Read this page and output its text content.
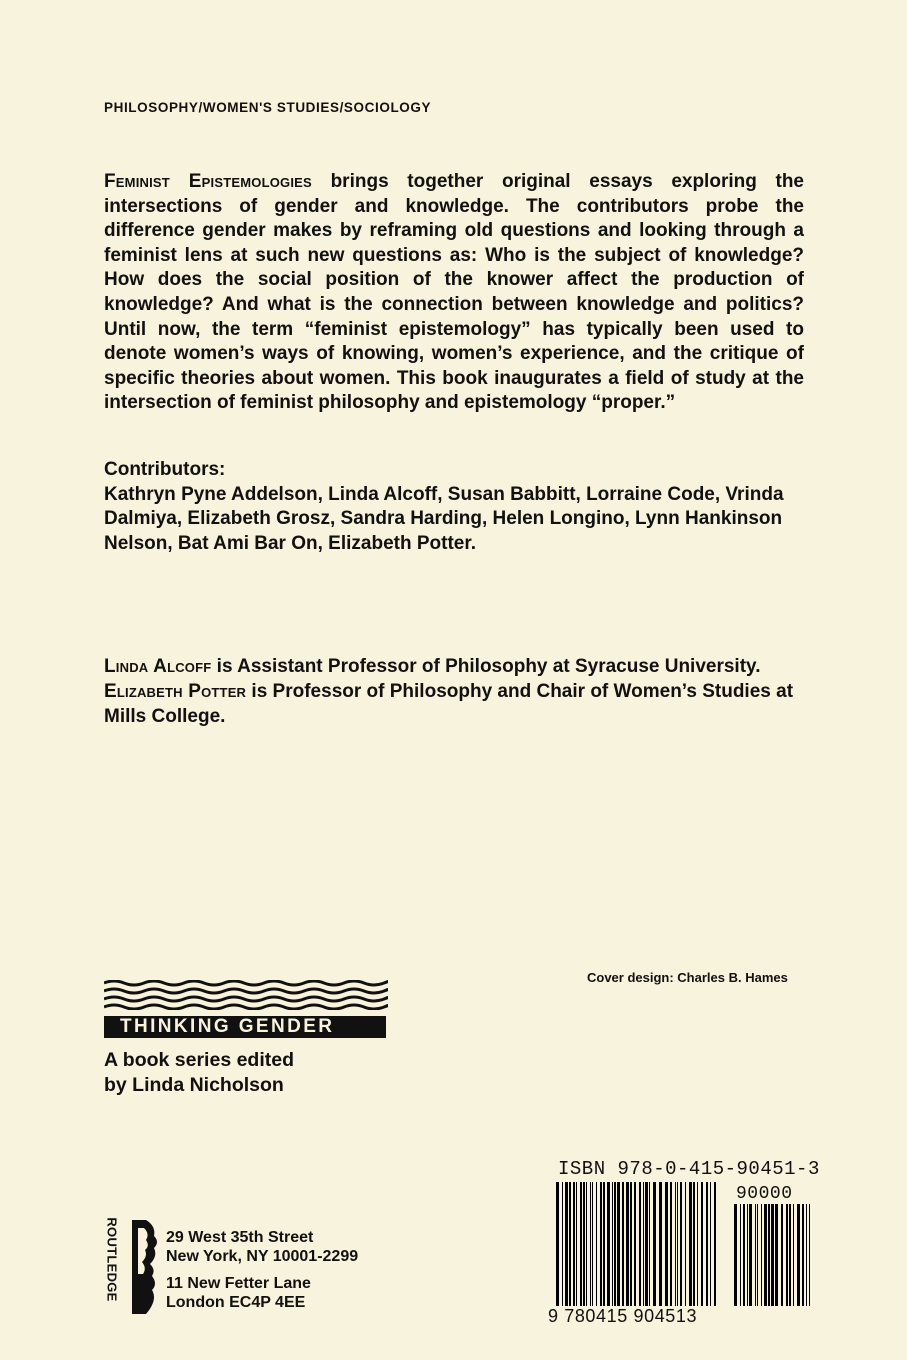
PHILOSOPHY/WOMEN'S STUDIES/SOCIOLOGY

Feminist Epistemologies brings together original essays exploring the intersections of gender and knowledge. The contributors probe the difference gender makes by reframing old questions and looking through a feminist lens at such new questions as: Who is the subject of knowledge? How does the social position of the knower affect the production of knowledge? And what is the connection between knowledge and politics? Until now, the term “feminist epistemology” has typically been used to denote women’s ways of knowing, women’s experience, and the critique of specific theories about women. This book inaugurates a field of study at the intersection of feminist philosophy and epistemology “proper.”

Contributors:
Kathryn Pyne Addelson, Linda Alcoff, Susan Babbitt, Lorraine Code, Vrinda Dalmiya, Elizabeth Grosz, Sandra Harding, Helen Longino, Lynn Hankinson Nelson, Bat Ami Bar On, Elizabeth Potter.
Linda Alcoff is Assistant Professor of Philosophy at Syracuse University.
Elizabeth Potter is Professor of Philosophy and Chair of Women’s Studies at Mills College.
Cover design: Charles B. Hames
THINKING GENDER
A book series edited
by Linda Nicholson
ROUTLEDGE	29 West 35th Street
New York, NY 10001-2299
11 New Fetter Lane
London EC4P 4EE
ISBN 978-0-415-90451-3
90000
9 780415 904513
